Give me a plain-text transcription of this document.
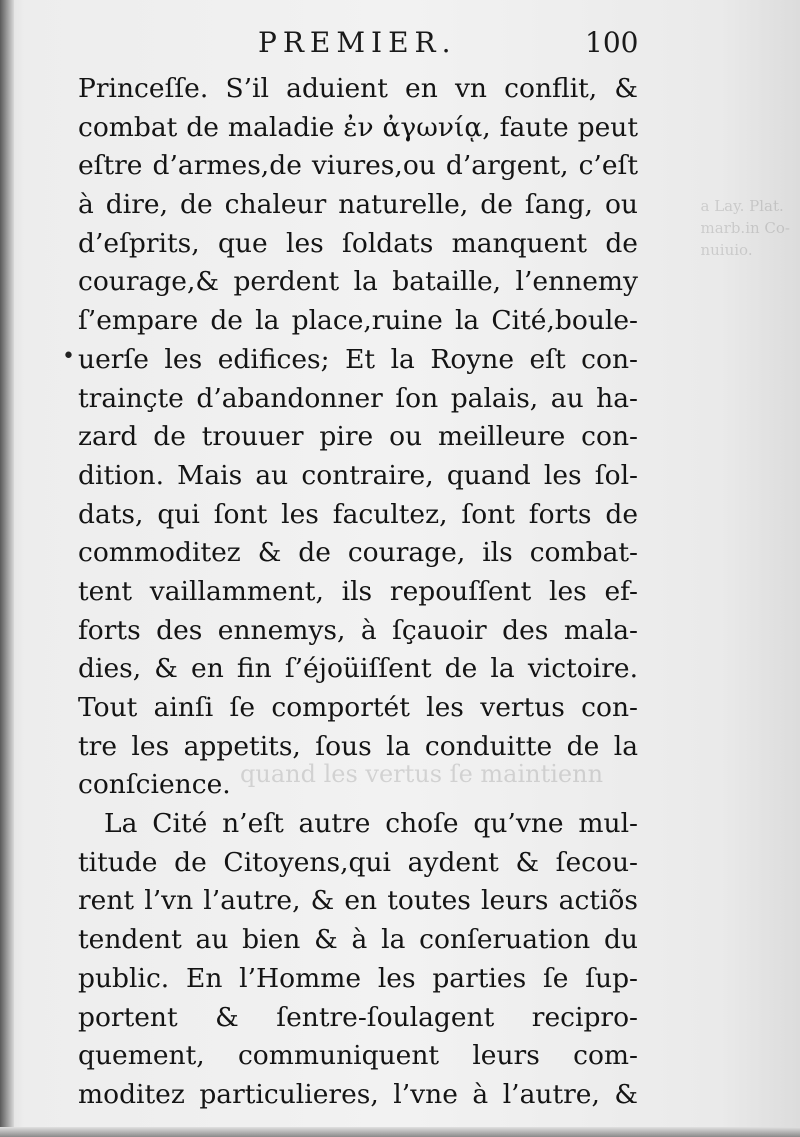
a Lay. Plat.
marb.in Co-
nuiuio.
quand les vertus ſe maintienn
PREMIER.	100
•
Princeſſe. S’il aduient en vn conflit, &
combat de maladie ἐν ἀγωνίᾳ, faute peut
eſtre d’armes,de viures,ou d’argent, c’eſt
à dire, de chaleur naturelle, de ſang, ou
d’eſprits, que les ſoldats manquent de
courage,& perdent la bataille, l’ennemy
ſ’empare de la place,ruine la Cité,boule-
uerſe les edifices; Et la Royne eſt con-
trainçte d’abandonner ſon palais, au ha-
zard de trouuer pire ou meilleure con-
dition. Mais au contraire, quand les ſol-
dats, qui ſont les facultez, ſont forts de
commoditez & de courage, ils combat-
tent vaillamment, ils repouſſent les ef-
forts des ennemys, à ſçauoir des mala-
dies, & en fin ſ’éjoüiſſent de la victoire.
Tout ainſi ſe comportét les vertus con-
tre les appetits, ſous la conduitte de la
conſcience.
La Cité n’eſt autre choſe qu’vne mul-
titude de Citoyens,qui aydent & ſecou-
rent l’vn l’autre, & en toutes leurs actiõs
tendent au bien & à la conſeruation du
public. En l’Homme les parties ſe ſup-
portent & ſentre-ſoulagent recipro-
quement, communiquent leurs com-
moditez particulieres, l’vne à l’autre, &
